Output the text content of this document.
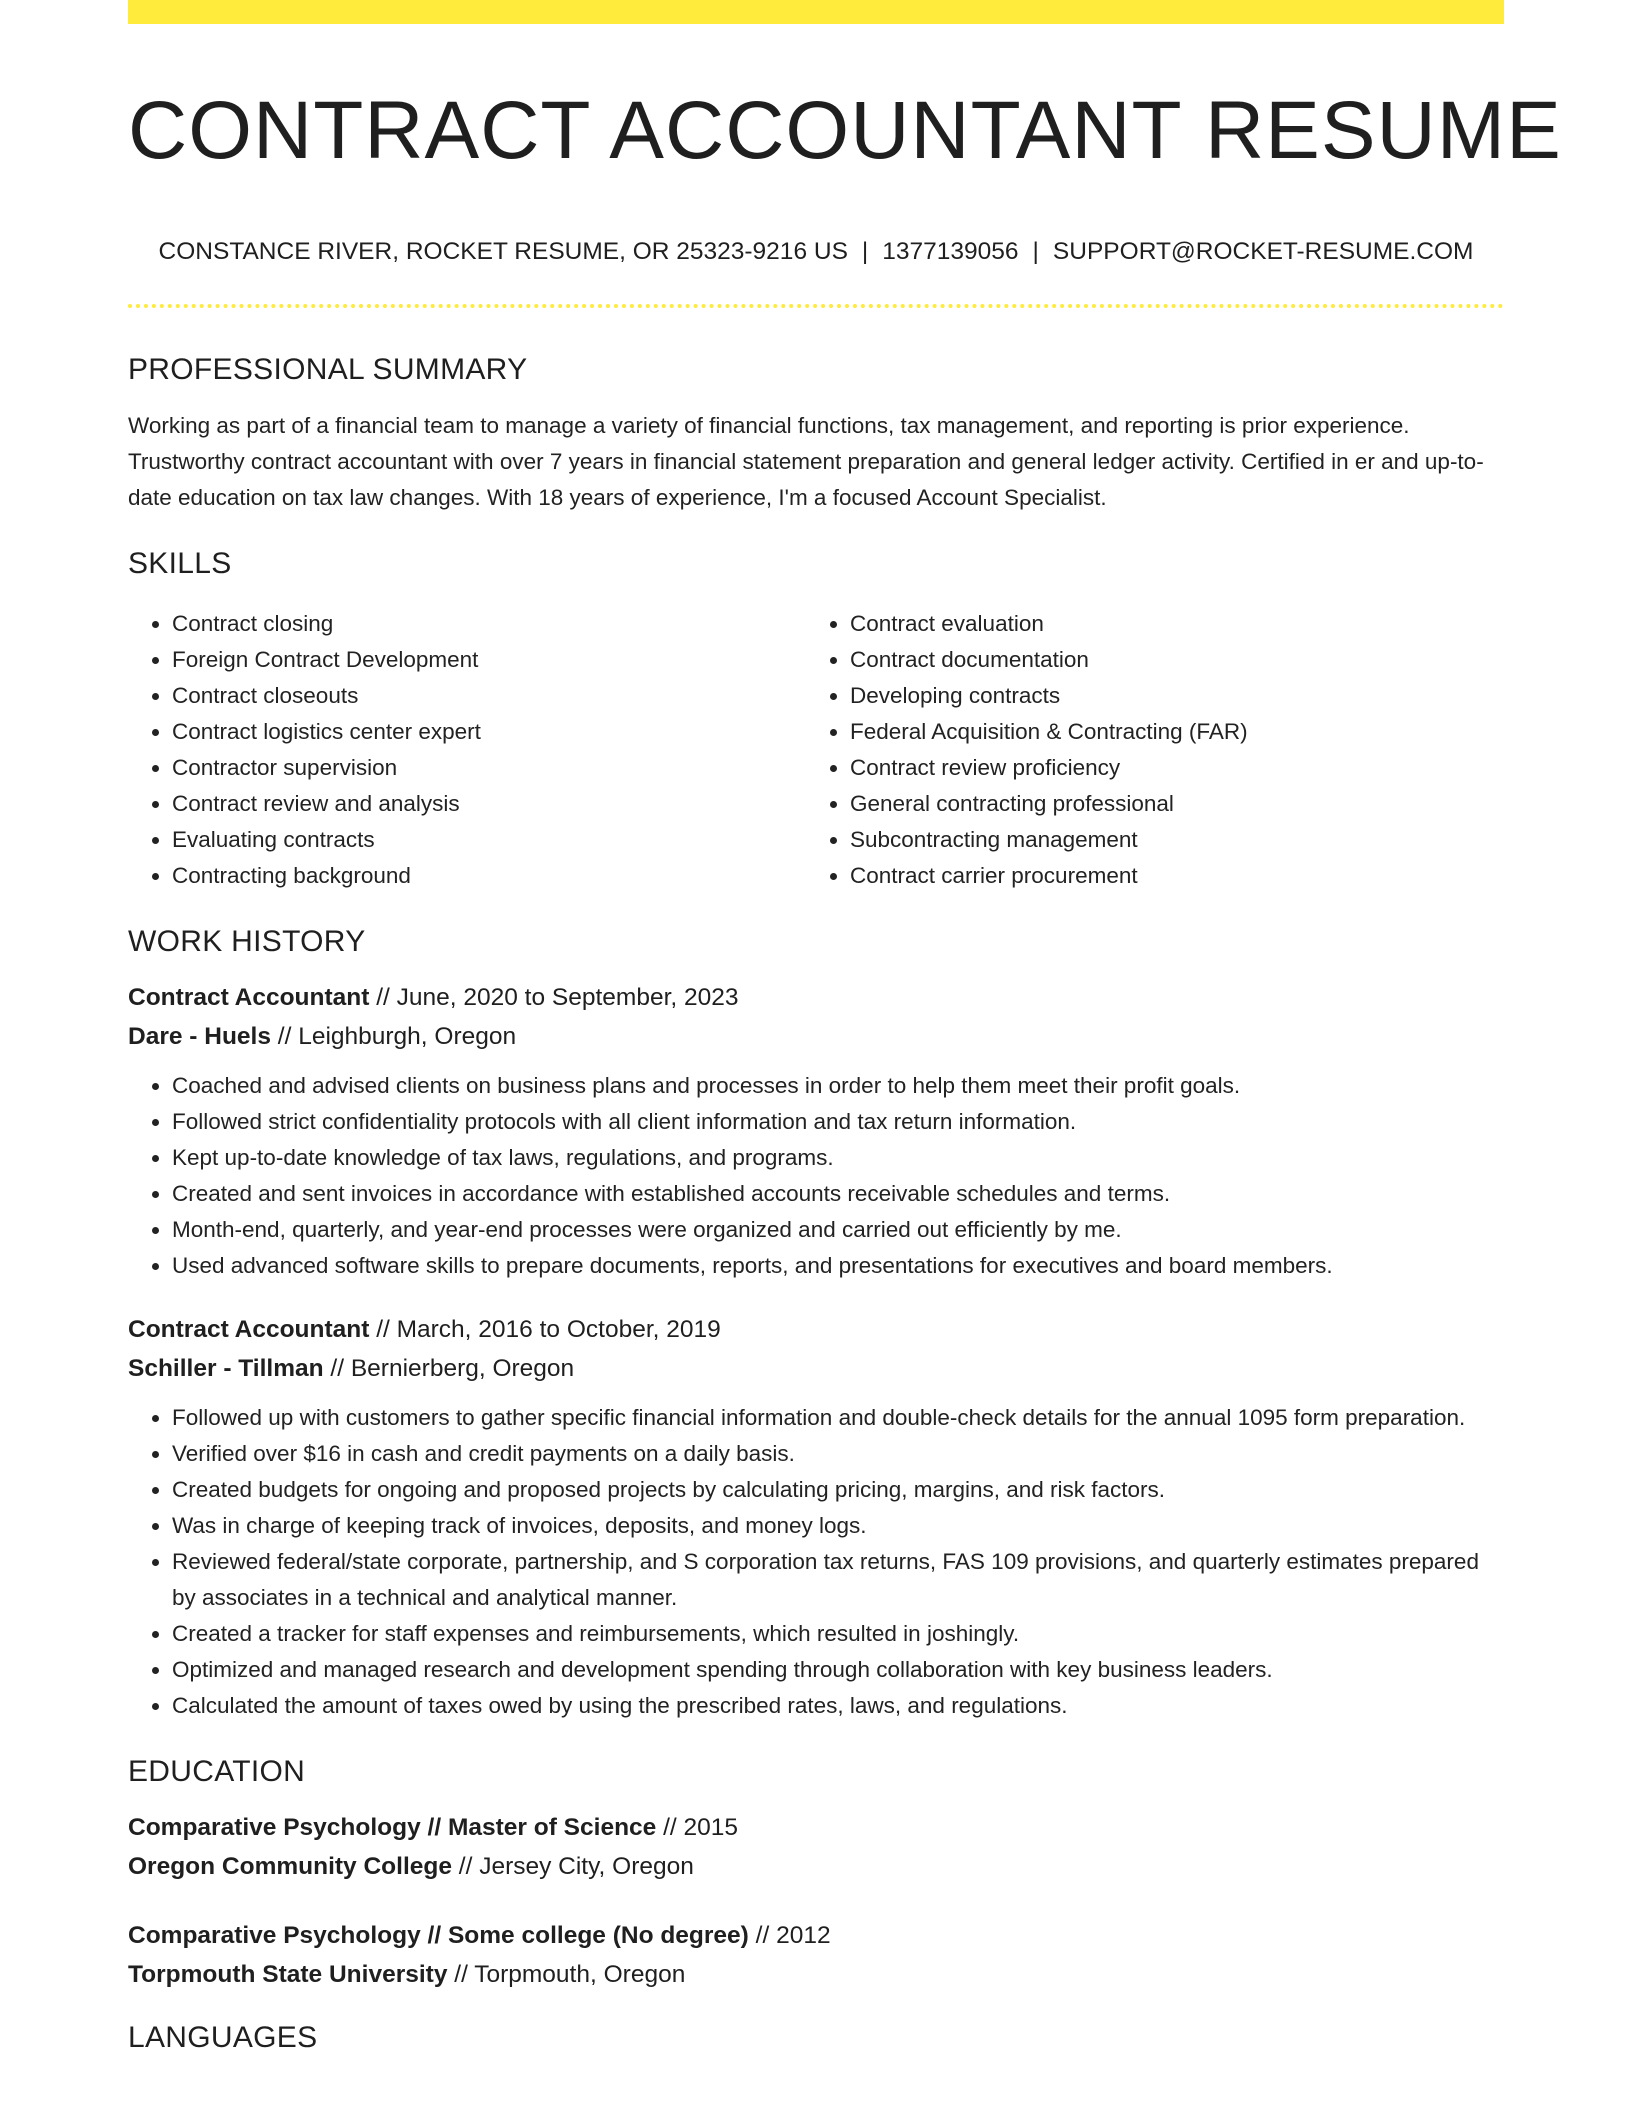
CONTRACT ACCOUNTANT RESUME
CONSTANCE RIVER, ROCKET RESUME, OR 25323-9216 US | 1377139056 | SUPPORT@ROCKET-RESUME.COM
PROFESSIONAL SUMMARY
Working as part of a financial team to manage a variety of financial functions, tax management, and reporting is prior experience. Trustworthy contract accountant with over 7 years in financial statement preparation and general ledger activity. Certified in er and up-to-date education on tax law changes. With 18 years of experience, I'm a focused Account Specialist.
SKILLS
• Contract closing
• Foreign Contract Development
• Contract closeouts
• Contract logistics center expert
• Contractor supervision
• Contract review and analysis
• Evaluating contracts
• Contracting background
• Contract evaluation
• Contract documentation
• Developing contracts
• Federal Acquisition & Contracting (FAR)
• Contract review proficiency
• General contracting professional
• Subcontracting management
• Contract carrier procurement
WORK HISTORY
Contract Accountant // June, 2020 to September, 2023
Dare - Huels // Leighburgh, Oregon
• Coached and advised clients on business plans and processes in order to help them meet their profit goals.
• Followed strict confidentiality protocols with all client information and tax return information.
• Kept up-to-date knowledge of tax laws, regulations, and programs.
• Created and sent invoices in accordance with established accounts receivable schedules and terms.
• Month-end, quarterly, and year-end processes were organized and carried out efficiently by me.
• Used advanced software skills to prepare documents, reports, and presentations for executives and board members.
Contract Accountant // March, 2016 to October, 2019
Schiller - Tillman // Bernierberg, Oregon
• Followed up with customers to gather specific financial information and double-check details for the annual 1095 form preparation.
• Verified over $16 in cash and credit payments on a daily basis.
• Created budgets for ongoing and proposed projects by calculating pricing, margins, and risk factors.
• Was in charge of keeping track of invoices, deposits, and money logs.
• Reviewed federal/state corporate, partnership, and S corporation tax returns, FAS 109 provisions, and quarterly estimates prepared by associates in a technical and analytical manner.
• Created a tracker for staff expenses and reimbursements, which resulted in joshingly.
• Optimized and managed research and development spending through collaboration with key business leaders.
• Calculated the amount of taxes owed by using the prescribed rates, laws, and regulations.
EDUCATION
Comparative Psychology // Master of Science // 2015
Oregon Community College // Jersey City, Oregon
Comparative Psychology // Some college (No degree) // 2012
Torpmouth State University // Torpmouth, Oregon
LANGUAGES
